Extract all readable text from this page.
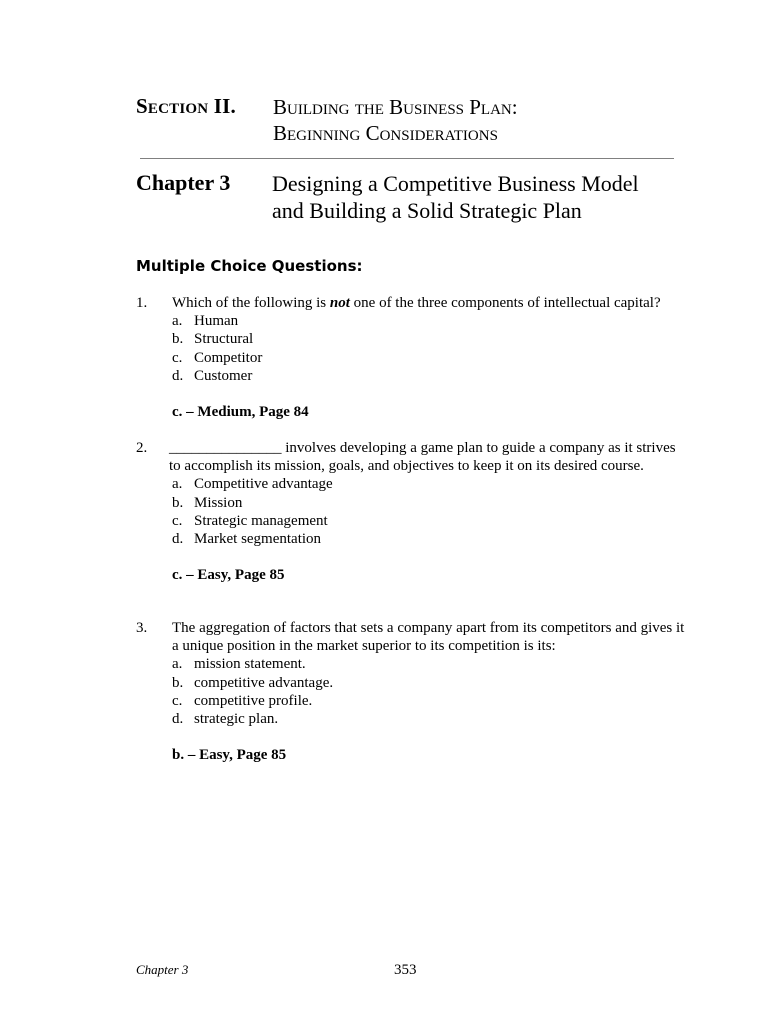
Section II. Building the Business Plan:
Beginning Considerations
Chapter 3 Designing a Competitive Business Model
and Building a Solid Strategic Plan
Multiple Choice Questions:
1. Which of the following is not one of the three components of intellectual capital?
a. Human
b. Structural
c. Competitor
d. Customer
c. – Medium, Page 84
2. _______________ involves developing a game plan to guide a company as it strives to accomplish its mission, goals, and objectives to keep it on its desired course.
a. Competitive advantage
b. Mission
c. Strategic management
d. Market segmentation
c. – Easy, Page 85
3. The aggregation of factors that sets a company apart from its competitors and gives it a unique position in the market superior to its competition is its:
a. mission statement.
b. competitive advantage.
c. competitive profile.
d. strategic plan.
b. – Easy, Page 85
Chapter 3	353
